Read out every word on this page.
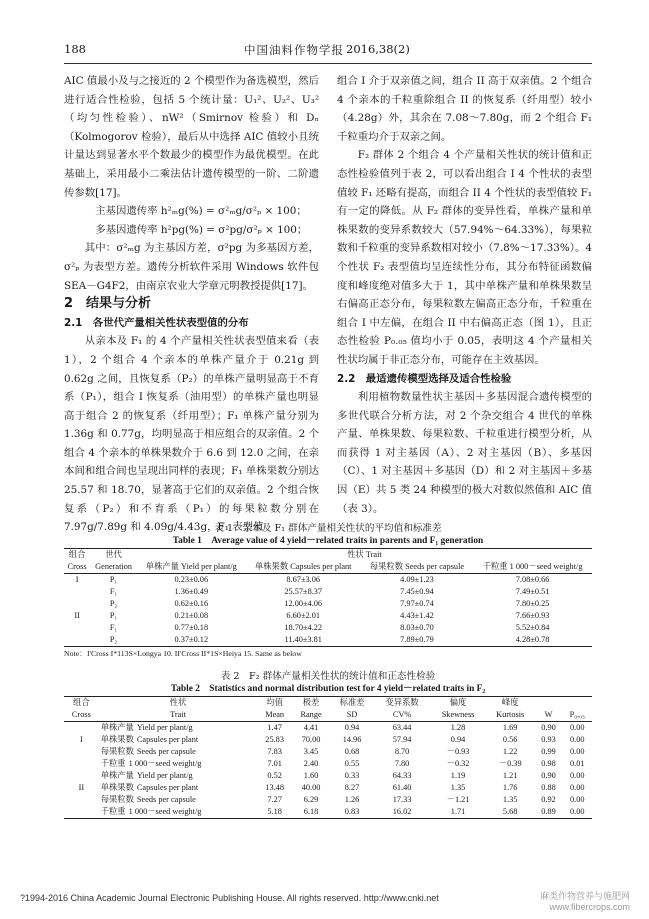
188	中国油料作物学报 2016,38(2)

AIC 值最小及与之接近的 2 个模型作为备选模型，然后进行适合性检验，包括 5 个统计量：U₁²、U₂²、U₃²（均匀性检验）、nW²（Smirnov 检验）和 Dₙ（Kolmogorov 检验），最后从中选择 AIC 值较小且统计量达到显著水平个数最少的模型作为最优模型。在此基础上，采用最小二乘法估计遗传模型的一阶、二阶遗传参数[17]。

主基因遗传率 h²ₘg(%) = σ²ₘg/σ²ₚ × 100；

多基因遗传率 h²pg(%) = σ²pg/σ²ₚ × 100；

其中：σ²ₘg 为主基因方差，σ²pg 为多基因方差，σ²ₚ 为表型方差。遗传分析软件采用 Windows 软件包 SEA－G4F2，由南京农业大学章元明教授提供[17]。

2　结果与分析

2.1　各世代产量相关性状表型值的分布

从亲本及 F₁ 的 4 个产量相关性状表型值来看（表 1），2 个组合 4 个亲本的单株产量介于 0.21g 到 0.62g 之间，且恢复系（P₂）的单株产量明显高于不育系（P₁），组合 I 恢复系（油用型）的单株产量也明显高于组合 2 的恢复系（纤用型）；F₁ 单株产量分别为 1.36g 和 0.77g，均明显高于相应组合的双亲值。2 个组合 4 个亲本的单株果数介于 6.6 到 12.0 之间，在亲本间和组合间也呈现出同样的表现；F₁ 单株果数分别达 25.57 和 18.70，显著高于它们的双亲值。2 个组合恢复系（P₂）和不育系（P₁）的每果粒数分别在 7.97g/7.89g 和 4.09g/4.43g，F₁ 表型值

组合 I 介于双亲值之间，组合 II 高于双亲值。2 个组合 4 个亲本的千粒重除组合 II 的恢复系（纤用型）较小（4.28g）外，其余在 7.08～7.80g，而 2 个组合 F₁ 千粒重均介于双亲之间。

F₂ 群体 2 个组合 4 个产量相关性状的统计值和正态性检验值列于表 2，可以看出组合 I 4 个性状的表型值较 F₁ 还略有提高，而组合 II 4 个性状的表型值较 F₁ 有一定的降低。从 F₂ 群体的变异性看，单株产量和单株果数的变异系数较大（57.94%～64.33%），每果粒数和千粒重的变异系数相对较小（7.8%～17.33%）。4 个性状 F₂ 表型值均呈连续性分布，其分布特征函数偏度和峰度绝对值多大于 1，其中单株产量和单株果数呈右偏高正态分布，每果粒数左偏高正态分布，千粒重在组合 I 中左偏，在组合 II 中右偏高正态（图 1），且正态性检验 P₀.₀₅ 值均小于 0.05，表明这 4 个产量相关性状均属于非正态分布，可能存在主效基因。

2.2　最适遗传模型选择及适合性检验

利用植物数量性状主基因＋多基因混合遗传模型的多世代联合分析方法，对 2 个杂交组合 4 世代的单株产量、单株果数、每果粒数、千粒重进行模型分析，从而获得 1 对主基因（A）、2 对主基因（B）、多基因（C）、1 对主基因＋多基因（D）和 2 对主基因＋多基因（E）共 5 类 24 种模型的极大对数似然值和 AIC 值（表 3）。

表 1　亲本及 F₁ 群体产量相关性状的平均值和标准差
Table 1　Average value of 4 yield－related traits in parents and F₁ generation
组合	世代	性状 Trait			
Cross	Generation	单株产量 Yield per plant/g	单株果数 Capsules per plant	每果粒数 Seeds per capsule	千粒重 1 000－seed weight/g
I	P₁	0.23±0.06	8.67±3.06	4.09±1.23	7.08±0.66
	F₁	1.36±0.49	25.57±8.37	7.45±0.94	7.49±0.51
	P₂	0.62±0.16	12.00±4.06	7.97±0.74	7.80±0.25
II	P₁	0.21±0.08	6.60±2.01	4.43±1.42	7.66±0.93
	F₁	0.77±0.18	18.70±4.22	8.03±0.70	5.52±0.84
	P₂	0.37±0.12	11.40±3.81	7.89±0.79	4.28±0.78
Note：I'Cross I*113S×Longya 10. II'Cross II*1S×Heiya 15. Same as below
表 2　F₂ 群体产量相关性状的统计值和正态性检验
Table 2　Statistics and normal distribution test for 4 yield－related traits in F₂
组合	性状	均值	极差	标准差	变异系数	偏度	峰度		
Cross	Trait	Mean	Range	SD	CV%	Skewness	Kurtosis	W	P₀.₀₅
	单株产量 Yield per plant/g	1.47	4.41	0.94	63.44	1.28	1.69	0.90	0.00
I	单株果数 Capsules per plant	25.83	70.00	14.96	57.94	0.94	0.56	0.93	0.00
	每果粒数 Seeds per capsule	7.83	3.45	0.68	8.70	－0.93	1.22	0.99	0.00
	千粒重 1 000－seed weight/g	7.01	2.40	0.55	7.80	－0.32	－0.39	0.98	0.01
	单株产量 Yield per plant/g	0.52	1.60	0.33	64.33	1.19	1.21	0.90	0.00
II	单株果数 Capsules per plant	13.48	40.00	8.27	61.40	1.35	1.76	0.88	0.00
	每果粒数 Seeds per capsule	7.27	6.29	1.26	17.33	－1.21	1.35	0.92	0.00
	千粒重 1 000－seed weight/g	5.18	6.18	0.83	16.02	1.71	5.68	0.89	0.00
?1994-2016 China Academic Journal Electronic Publishing House. All rights reserved. http://www.cnki.net	麻类作物营养与施肥网
www.fibercrops.com
